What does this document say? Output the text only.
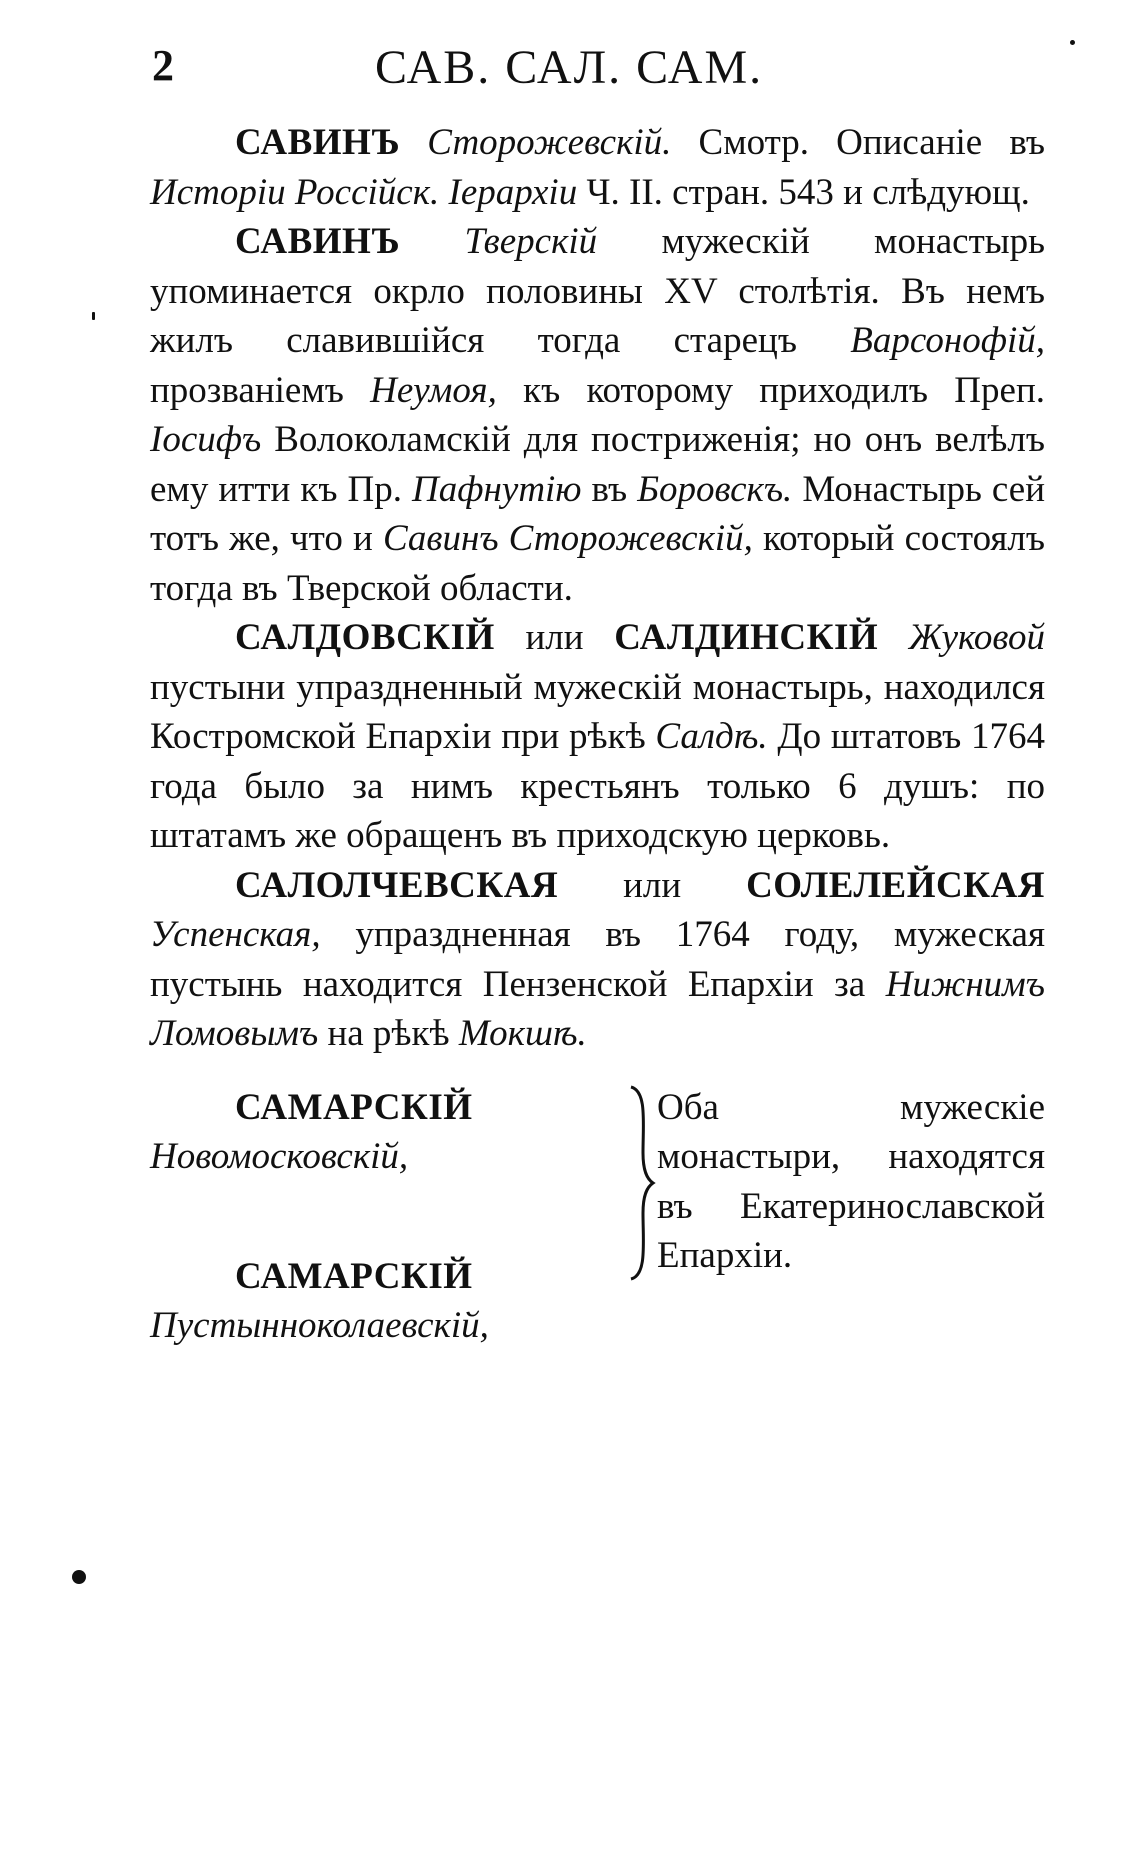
2	САВ. САЛ. САМ.

САВИНЪ Сторожевскій. Смотр. Описаніе въ Исторіи Россійск. Іерархіи Ч. II. стран. 543 и слѣдующ.

САВИНЪ Тверскій мужескій монастырь упоминается окрло половины XV столѣтія. Въ немъ жилъ славившійся тогда старецъ Варсонофій, прозваніемъ Неумоя, къ которому приходилъ Преп. Іосифъ Волоколамскій для постриженія; но онъ велѣлъ ему итти къ Пр. Пафнутію въ Боровскъ. Монастырь сей тотъ же, что и Савинъ Сторожевскій, который состоялъ тогда въ Тверской области.

САЛДОВСКІЙ или САЛДИНСКІЙ Жуковой пустыни упраздненный мужескій монастырь, находился Костромской Епархіи при рѣкѣ Салдѣ. До штатовъ 1764 года было за нимъ крестьянъ только 6 душъ: по штатамъ же обращенъ въ приходскую церковь.

САЛОЛЧЕВСКАЯ или СОЛЕЛЕЙСКАЯ Успенская, упраздненная въ 1764 году, мужеская пустынь находится Пензенской Епархіи за Нижнимъ Ломовымъ на рѣкѣ Мокшѣ.

САМАРСКІЙ Новомосковскій,

САМАРСКІЙ Пустынноколаевскій,

Оба мужескіе монастыри, находятся въ Екатеринославской Епархіи.
